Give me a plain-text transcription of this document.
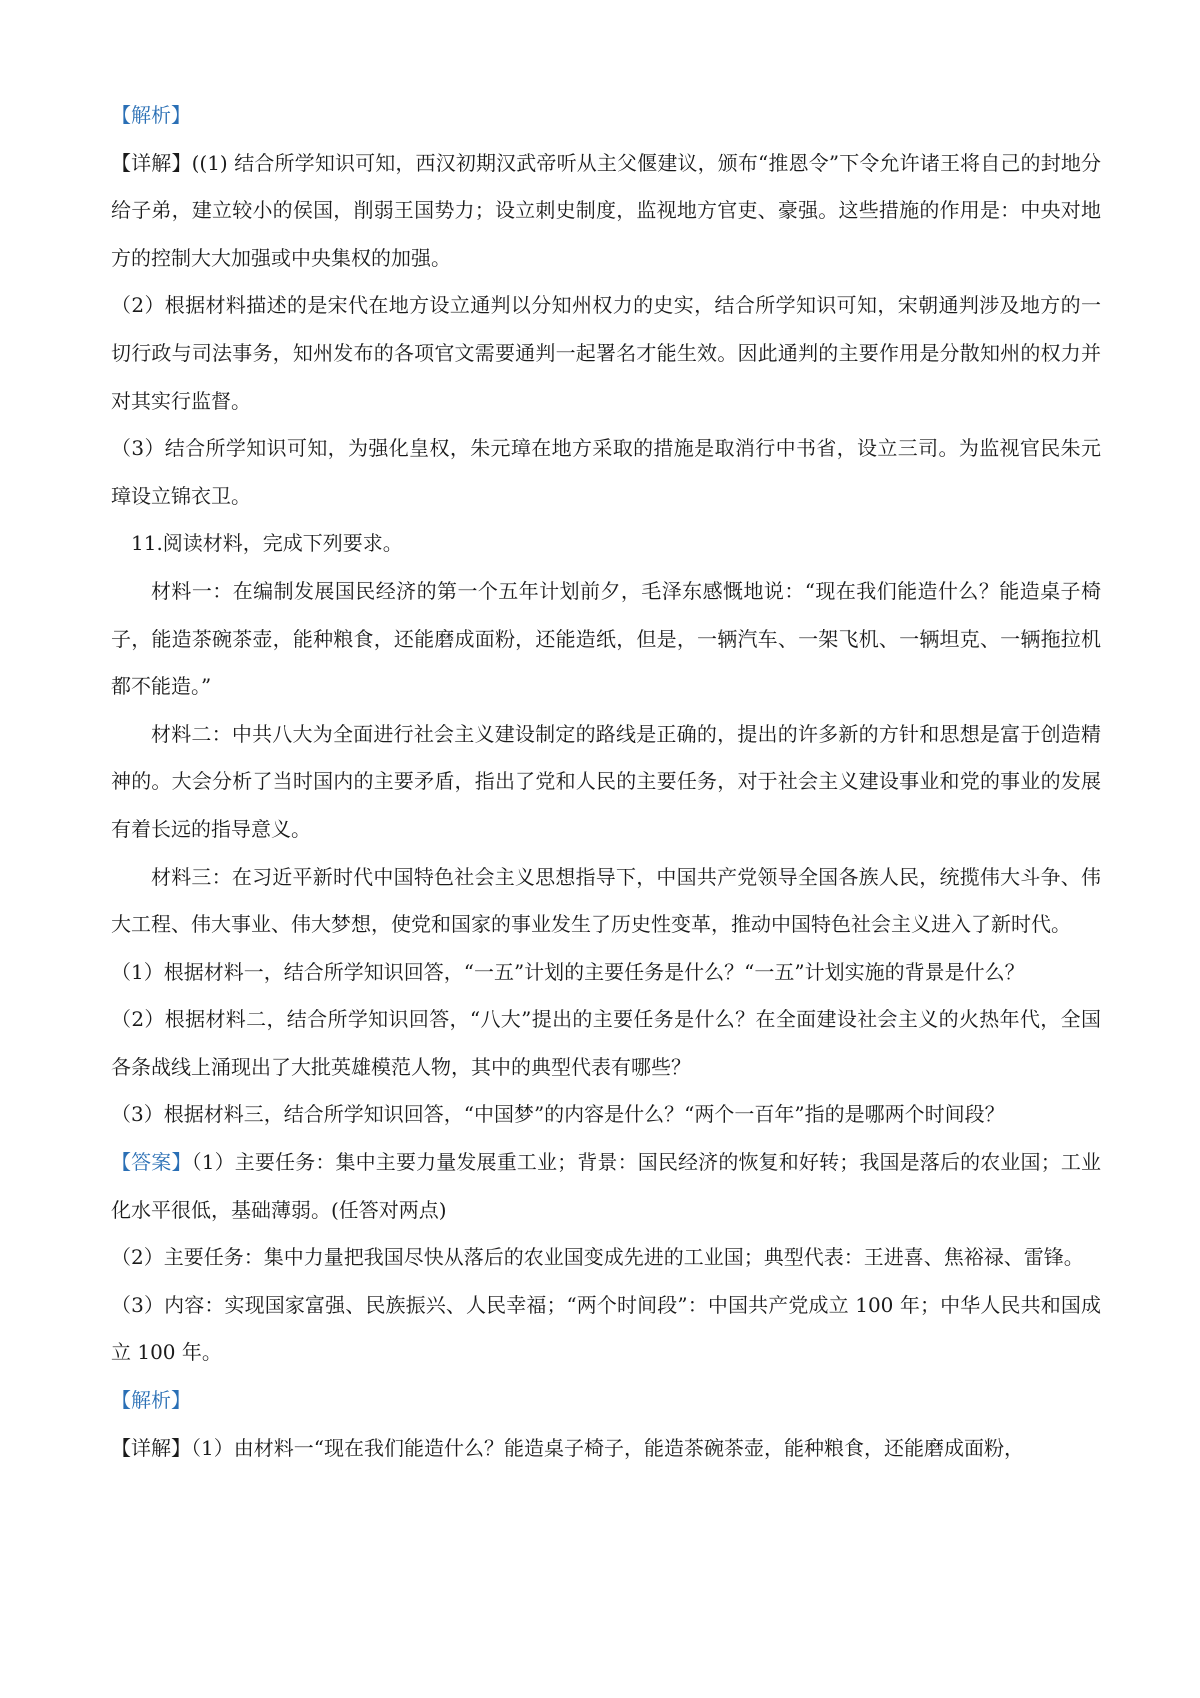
【解析】

【详解】((1) 结合所学知识可知，西汉初期汉武帝听从主父偃建议，颁布“推恩令”下令允许诸王将自己的封地分给子弟，建立较小的侯国，削弱王国势力；设立刺史制度，监视地方官吏、豪强。这些措施的作用是：中央对地方的控制大大加强或中央集权的加强。

（2）根据材料描述的是宋代在地方设立通判以分知州权力的史实，结合所学知识可知，宋朝通判涉及地方的一切行政与司法事务，知州发布的各项官文需要通判一起署名才能生效。因此通判的主要作用是分散知州的权力并对其实行监督。

（3）结合所学知识可知，为强化皇权，朱元璋在地方采取的措施是取消行中书省，设立三司。为监视官民朱元璋设立锦衣卫。

11.阅读材料，完成下列要求。

材料一：在编制发展国民经济的第一个五年计划前夕，毛泽东感慨地说：“现在我们能造什么？能造桌子椅子，能造茶碗茶壶，能种粮食，还能磨成面粉，还能造纸，但是，一辆汽车、一架飞机、一辆坦克、一辆拖拉机都不能造。”

材料二：中共八大为全面进行社会主义建设制定的路线是正确的，提出的许多新的方针和思想是富于创造精神的。大会分析了当时国内的主要矛盾，指出了党和人民的主要任务，对于社会主义建设事业和党的事业的发展有着长远的指导意义。

材料三：在习近平新时代中国特色社会主义思想指导下，中国共产党领导全国各族人民，统揽伟大斗争、伟大工程、伟大事业、伟大梦想，使党和国家的事业发生了历史性变革，推动中国特色社会主义进入了新时代。

（1）根据材料一，结合所学知识回答，“一五”计划的主要任务是什么？“一五”计划实施的背景是什么？

（2）根据材料二，结合所学知识回答，“八大”提出的主要任务是什么？在全面建设社会主义的火热年代，全国各条战线上涌现出了大批英雄模范人物，其中的典型代表有哪些？

（3）根据材料三，结合所学知识回答，“中国梦”的内容是什么？“两个一百年”指的是哪两个时间段？

【答案】（1）主要任务：集中主要力量发展重工业；背景：国民经济的恢复和好转；我国是落后的农业国；工业化水平很低，基础薄弱。(任答对两点)

（2）主要任务：集中力量把我国尽快从落后的农业国变成先进的工业国；典型代表：王进喜、焦裕禄、雷锋。

（3）内容：实现国家富强、民族振兴、人民幸福；“两个时间段”：中国共产党成立 100 年；中华人民共和国成立 100 年。

【解析】

【详解】（1）由材料一“现在我们能造什么？能造桌子椅子，能造茶碗茶壶，能种粮食，还能磨成面粉，
